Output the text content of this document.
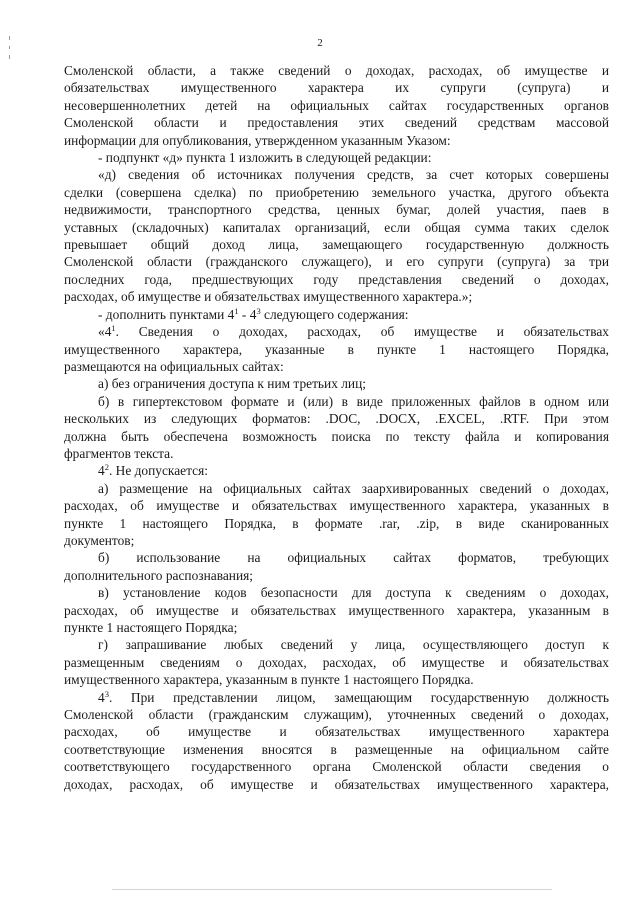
2

Смоленской области, а также сведений о доходах, расходах, об имуществе и

обязательствах имущественного характера их супруги (супруга) и

несовершеннолетних детей на официальных сайтах государственных органов

Смоленской области и предоставления этих сведений средствам массовой

информации для опубликования, утвержденном указанным Указом:

- подпункт «д» пункта 1 изложить в следующей редакции:

«д) сведения об источниках получения средств, за счет которых совершены

сделки (совершена сделка) по приобретению земельного участка, другого объекта

недвижимости, транспортного средства, ценных бумаг, долей участия, паев в

уставных (складочных) капиталах организаций, если общая сумма таких сделок

превышает общий доход лица, замещающего государственную должность

Смоленской области (гражданского служащего), и его супруги (супруга) за три

последних года, предшествующих году представления сведений о доходах,

расходах, об имуществе и обязательствах имущественного характера.»;

- дополнить пунктами $4^1 - 4^3$ следующего содержания:

«$4^1$. Сведения о доходах, расходах, об имуществе и обязательствах

имущественного характера, указанные в пункте 1 настоящего Порядка,

размещаются на официальных сайтах:

а) без ограничения доступа к ним третьих лиц;

б) в гипертекстовом формате и (или) в виде приложенных файлов в одном или

нескольких из следующих форматов: .DOC, .DOCX, .EXCEL, .RTF. При этом

должна быть обеспечена возможность поиска по тексту файла и копирования

фрагментов текста.

$4^2$. Не допускается:

а) размещение на официальных сайтах заархивированных сведений о доходах,

расходах, об имуществе и обязательствах имущественного характера, указанных в

пункте 1 настоящего Порядка, в формате .rar, .zip, в виде сканированных

документов;

б) использование на официальных сайтах форматов, требующих

дополнительного распознавания;

в) установление кодов безопасности для доступа к сведениям о доходах,

расходах, об имуществе и обязательствах имущественного характера, указанным в

пункте 1 настоящего Порядка;

г) запрашивание любых сведений у лица, осуществляющего доступ к

размещенным сведениям о доходах, расходах, об имуществе и обязательствах

имущественного характера, указанным в пункте 1 настоящего Порядка.

$4^3$. При представлении лицом, замещающим государственную должность

Смоленской области (гражданским служащим), уточненных сведений о доходах,

расходах, об имуществе и обязательствах имущественного характера

соответствующие изменения вносятся в размещенные на официальном сайте

соответствующего государственного органа Смоленской области сведения о

доходах, расходах, об имуществе и обязательствах имущественного характера,
